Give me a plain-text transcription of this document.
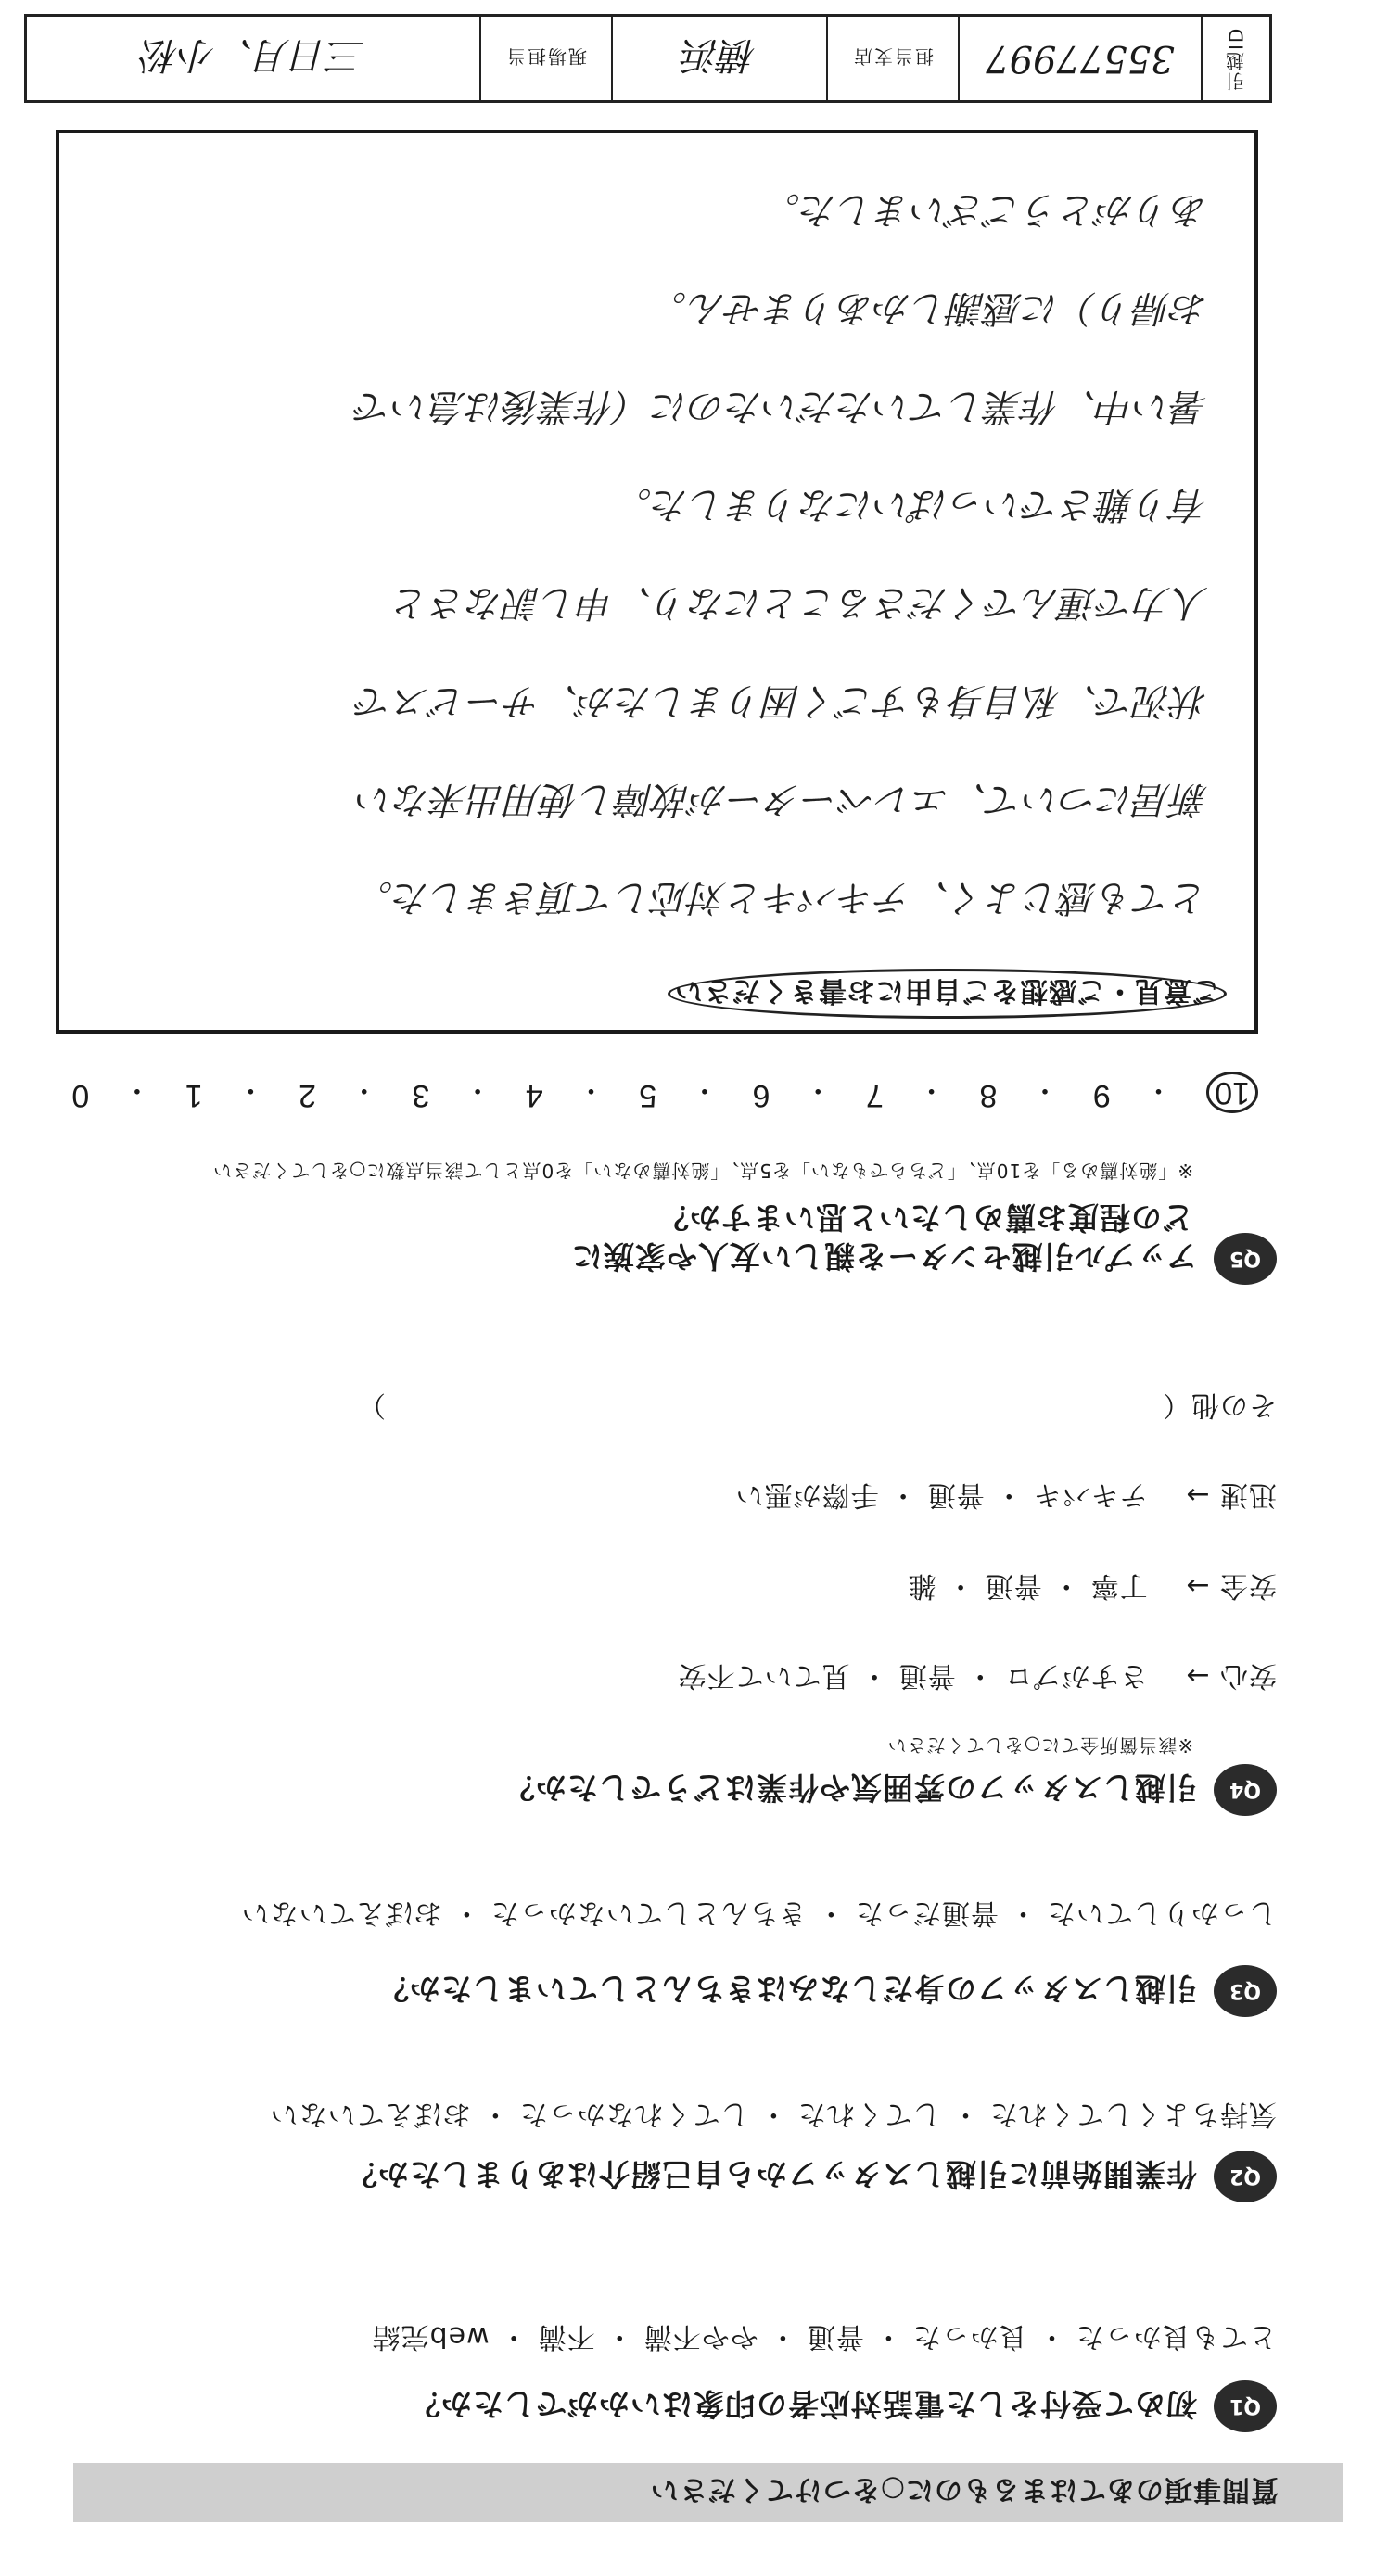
質問事項のあてはまるものに○をつけてください
Q1
初めて受付をした電話対応者の印象はいかがでしたか？
とても良かった ・ 良かった ・ 普通 ・ やや不満 ・ 不満 ・ web完結
Q2
作業開始前に引越しスタッフから自己紹介はありましたか？
気持ちよくしてくれた ・ してくれた ・ してくれなかった ・ おぼえていない
Q3
引越しスタッフの身だしなみはきちんとしていましたか？
しっかりしていた ・ 普通だった ・ きちんとしていなかった ・ おぼえていない
Q4
引越しスタッフの雰囲気や作業はどうでしたか？
※該当箇所全てに○をしてください
安心 → さすがプロ ・ 普通 ・ 見ていて不安
安全 → 丁寧 ・ 普通 ・ 雑
迅速 → テキパキ ・ 普通 ・ 手際が悪い
その他（　　　　　　　　　　　　　　　　　　　　　　　　　　　）
Q5
アップル引越センターを親しい友人や家族に
どの程度お薦めしたいと思いますか？
※「絶対薦める」を10点、「どちらでもない」を5点、「絶対薦めない」を0点として該当点数に○をしてください
10
・
9
・
8
・
7
・
6
・
5
・
4
・
3
・
2
・
1
・
0
ご意見・ご感想をご自由にお書きください
とても感じよく、テキパキと対応して頂きました。
新居について、エレベーターが故障し使用出来ない
状況で、私自身もすごく困りましたが、サービスで
人力で運んでくださることになり、申し訳なさと
有り難さでいっぱいになりました。
暑い中、作業していただいたのに（作業後は急いで
お帰り）に感謝しかありません。
ありがとうございました。
引越ID
35577997
担当支店
横浜
現場担当
三日月、小松
